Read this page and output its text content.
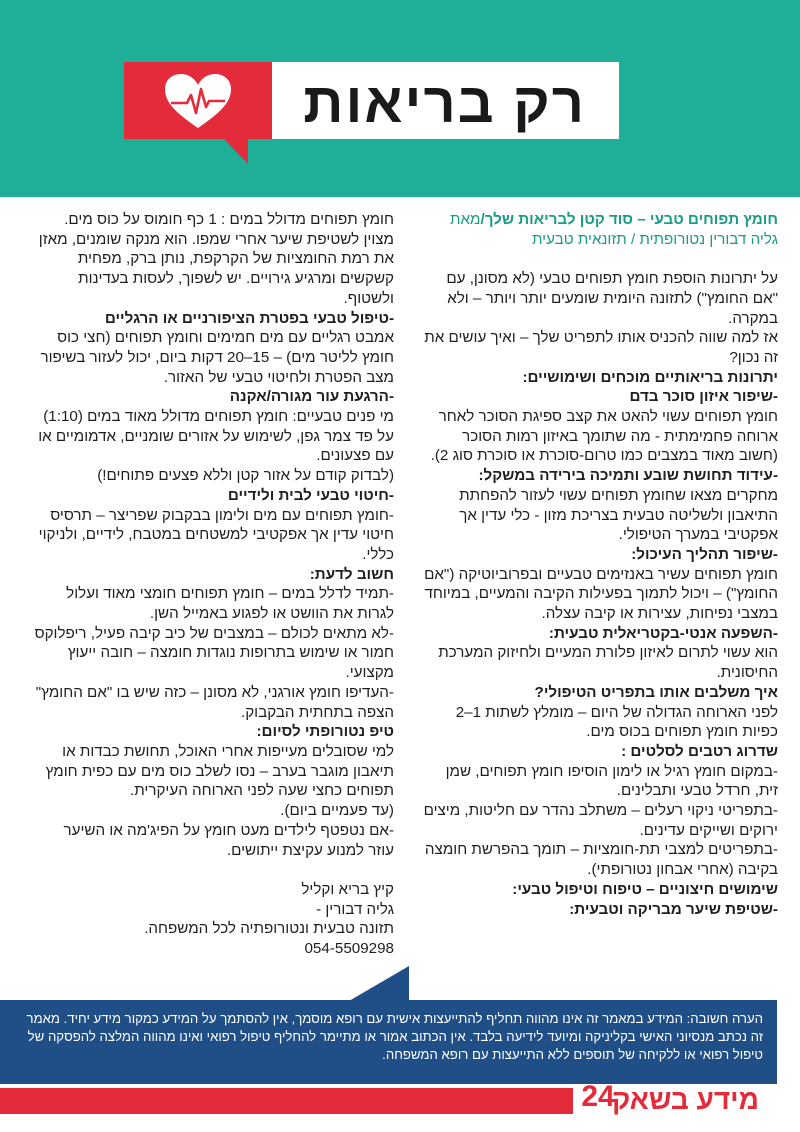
רק בריאות

חומץ תפוחים טבעי – סוד קטן לבריאות שלך/מאת

גליה דבורין נטורופתית / תזונאית טבעית

על יתרונות הוספת חומץ תפוחים טבעי (לא מסונן, עם "אם החומץ") לתזונה היומית שומעים יותר ויותר – ולא במקרה.

אז למה שווה להכניס אותו לתפריט שלך – ואיך עושים את זה נכון?

יתרונות בריאותיים מוכחים ושימושיים:
-שיפור איזון סוכר בדם

חומץ תפוחים עשוי להאט את קצב ספיגת הסוכר לאחר ארוחה פחמימתית - מה שתומך באיזון רמות הסוכר (חשוב מאוד במצבים כמו טרום-סוכרת או סוכרת סוג 2).

-עידוד תחושת שובע ותמיכה בירידה במשקל:

מחקרים מצאו שחומץ תפוחים עשוי לעזור להפחתת התיאבון ולשליטה טבעית בצריכת מזון - כלי עדין אך אפקטיבי במערך הטיפולי.

-שיפור תהליך העיכול:

חומץ תפוחים עשיר באנזימים טבעיים ובפרוביוטיקה ("אם החומץ") – ויכול לתמוך בפעילות הקיבה והמעיים, במיוחד במצבי נפיחות, עצירות או קיבה עצלה.

-השפעה אנטי-בקטריאלית טבעית:

הוא עשוי לתרום לאיזון פלורת המעיים ולחיזוק המערכת החיסונית.

איך משלבים אותו בתפריט הטיפולי?

לפני הארוחה הגדולה של היום – מומלץ לשתות 1–2 כפיות חומץ תפוחים בכוס מים.

שדרוג רטבים לסלטים :

-במקום חומץ רגיל או לימון הוסיפו חומץ תפוחים, שמן זית, חרדל טבעי ותבלינים.

-בתפריטי ניקוי רעלים – משתלב נהדר עם חליטות, מיצים ירוקים ושייקים עדינים.

-בתפריטים למצבי תת-חומציות – תומך בהפרשת חומצה בקיבה (אחרי אבחון נטורופתי).

שימושים חיצוניים – טיפוח וטיפול טבעי:
-שטיפת שיער מבריקה וטבעית:

חומץ תפוחים מדולל במים : 1 כף חומוס על כוס מים. מצוין לשטיפת שיער אחרי שמפו. הוא מנקה שומנים, מאזן את רמת החומציות של הקרקפת, נותן ברק, מפחית קשקשים ומרגיע גירויים. יש לשפוך, לעסות בעדינות ולשטוף.

-טיפול טבעי בפטרת הציפורניים או הרגליים

אמבט רגליים עם מים חמימים וחומץ תפוחים (חצי כוס חומץ לליטר מים) – 15–20 דקות ביום, יכול לעזור בשיפור מצב הפטרת ולחיטוי טבעי של האזור.

-הרגעת עור מגורה/אקנה

מי פנים טבעיים: חומץ תפוחים מדולל מאוד במים (1:10) על פד צמר גפן, לשימוש על אזורים שומניים, אדמומיים או עם פצעונים.

(לבדוק קודם על אזור קטן וללא פצעים פתוחים!)

-חיטוי טבעי לבית ולידיים

-חומץ תפוחים עם מים ולימון בבקבוק שפריצר – תרסיס חיטוי עדין אך אפקטיבי למשטחים במטבח, לידיים, ולניקוי כללי.

חשוב לדעת:

-תמיד לדלל במים – חומץ תפוחים חומצי מאוד ועלול לגרות את הוושט או לפגוע באמייל השן.

-לא מתאים לכולם – במצבים של כיב קיבה פעיל, ריפלוקס חמור או שימוש בתרופות נוגדות חומצה – חובה ייעוץ מקצועי.

-העדיפו חומץ אורגני, לא מסונן – כזה שיש בו "אם החומץ" הצפה בתחתית הבקבוק.

טיפ נטורופתי לסיום:

למי שסובלים מעייפות אחרי האוכל, תחושת כבדות או תיאבון מוגבר בערב – נסו לשלב כוס מים עם כפית חומץ תפוחים כחצי שעה לפני הארוחה העיקרית.

(עד פעמיים ביום).

-אם נטפטף לילדים מעט חומץ על הפיג'מה או השיער עוזר למנוע עקיצת ייתושים.

קיץ בריא וקליל

גליה דבורין -

תזונה טבעית ונטורופתיה לכל המשפחה.

054-5509298

הערה חשובה: המידע במאמר זה אינו מהווה תחליף להתייעצות אישית עם רופא מוסמך, אין להסתמך על המידע כמקור מידע יחיד. מאמר זה נכתב מנסיוני האישי בקליניקה ומיועד לידיעה בלבד. אין הכתוב אמור או מתיימר להחליף טיפול רפואי ואינו מהווה המלצה להפסקה של טיפול רפואי או ללקיחה של תוספים ללא התייעצות עם רופא המשפחה.

24
מידע בשאק
